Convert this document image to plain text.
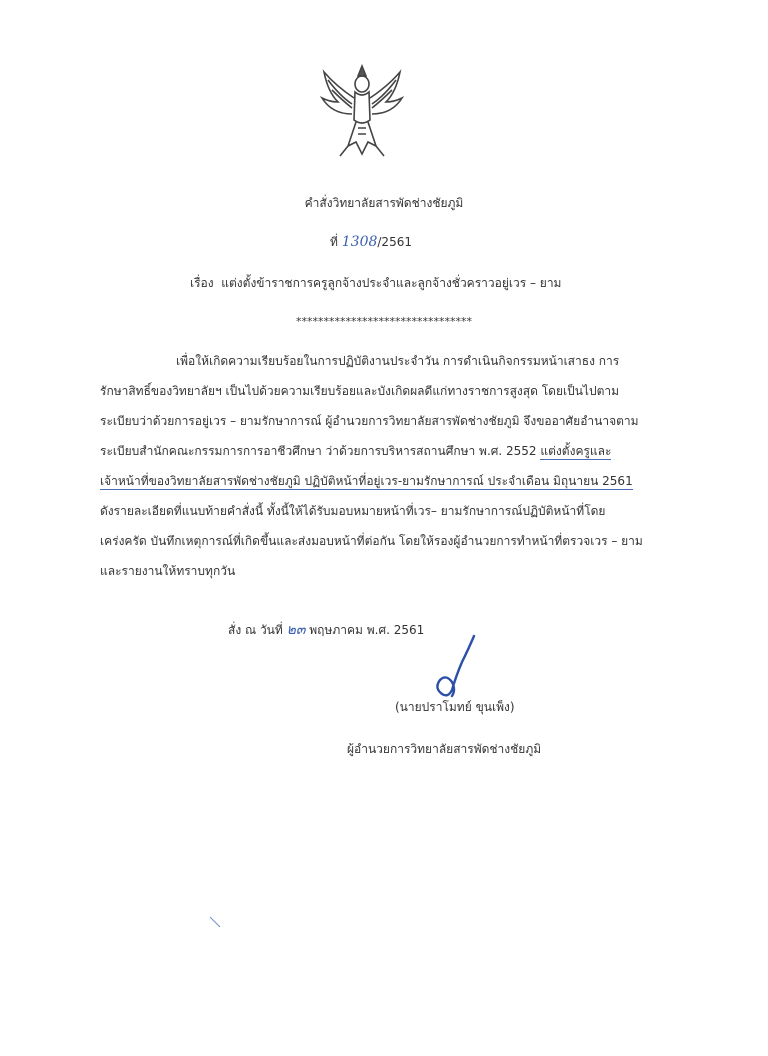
คำสั่งวิทยาลัยสารพัดช่างชัยภูมิ
ที่ 1308/2561
เรื่อง แต่งตั้งข้าราชการครูลูกจ้างประจำและลูกจ้างชั่วคราวอยู่เวร – ยาม
********************************
เพื่อให้เกิดความเรียบร้อยในการปฏิบัติงานประจำวัน การดำเนินกิจกรรมหน้าเสาธง การ
รักษาสิทธิ์ของวิทยาลัยฯ เป็นไปด้วยความเรียบร้อยและบังเกิดผลดีแก่ทางราชการสูงสุด โดยเป็นไปตาม
ระเบียบว่าด้วยการอยู่เวร – ยามรักษาการณ์ ผู้อำนวยการวิทยาลัยสารพัดช่างชัยภูมิ จึงขออาศัยอำนาจตาม
ระเบียบสำนักคณะกรรมการการอาชีวศึกษา ว่าด้วยการบริหารสถานศึกษา พ.ศ. 2552 แต่งตั้งครูและ
เจ้าหน้าที่ของวิทยาลัยสารพัดช่างชัยภูมิ ปฏิบัติหน้าที่อยู่เวร-ยามรักษาการณ์ ประจำเดือน มิถุนายน 2561
ดังรายละเอียดที่แนบท้ายคำสั่งนี้ ทั้งนี้ให้ได้รับมอบหมายหน้าที่เวร– ยามรักษาการณ์ปฏิบัติหน้าที่โดย
เคร่งครัด บันทึกเหตุการณ์ที่เกิดขึ้นและส่งมอบหน้าที่ต่อกัน โดยให้รองผู้อำนวยการทำหน้าที่ตรวจเวร – ยาม
และรายงานให้ทราบทุกวัน
สั่ง ณ วันที่ ๒๓ พฤษภาคม พ.ศ. 2561
(นายปราโมทย์ ขุนเพ็ง)
ผู้อำนวยการวิทยาลัยสารพัดช่างชัยภูมิ
